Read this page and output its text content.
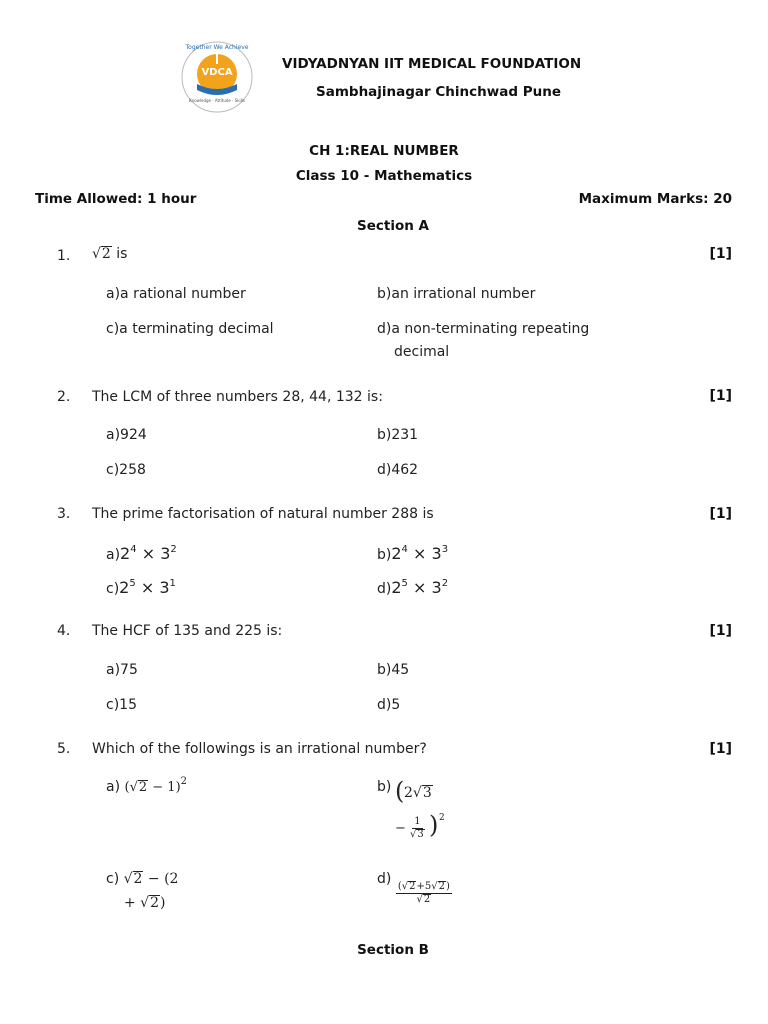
VDCA
Together We Achieve
Knowledge · Attitude · Skills
VIDYADNYAN IIT MEDICAL FOUNDATION
Sambhajinagar Chinchwad Pune
CH 1:REAL NUMBER
Class 10 - Mathematics
Time Allowed: 1 hour	Maximum Marks: 20
Section A
1. √2 is	[1]
a)a rational number	b)an irrational number
c)a terminating decimal	d)a non-terminating repeating
decimal
2. The LCM of three numbers 28, 44, 132 is:	[1]
a)924	b)231
c)258	d)462
3. The prime factorisation of natural number 288 is	[1]
$a)2^4 \times 3^2$	$b)2^4 \times 3^3$
$c)2^5 \times 3^1$	$d)2^5 \times 3^2$
4. The HCF of 135 and 225 is:	[1]
a)75	b)45
c)15	d)5
5. Which of the followings is an irrational number?	[1]
a) $(√2 - 1)^2$	b) ( 2√3
− $\frac{1}{√3}$ ) 2
c) √2 − (2
+ √2)
d)
$\frac{(√2+5√2)}{√2}$
Section B
